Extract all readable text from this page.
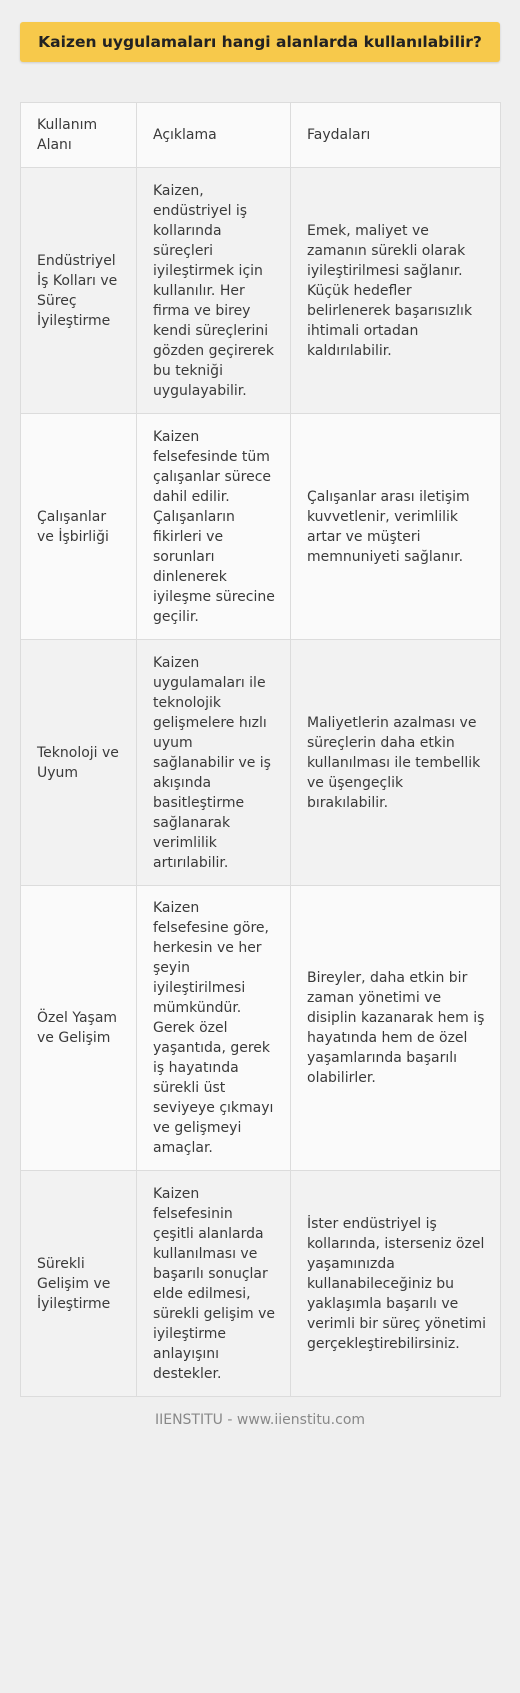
Kaizen uygulamaları hangi alanlarda kullanılabilir?
Kullanım Alanı	Açıklama	Faydaları
Endüstriyel İş Kolları ve Süreç İyileştirme	Kaizen, endüstriyel iş kollarında süreçleri iyileştirmek için kullanılır. Her firma ve birey kendi süreçlerini gözden geçirerek bu tekniği uygulayabilir.	Emek, maliyet ve zamanın sürekli olarak iyileştirilmesi sağlanır. Küçük hedefler belirlenerek başarısızlık ihtimali ortadan kaldırılabilir.
Çalışanlar ve İşbirliği	Kaizen felsefesinde tüm çalışanlar sürece dahil edilir. Çalışanların fikirleri ve sorunları dinlenerek iyileşme sürecine geçilir.	Çalışanlar arası iletişim kuvvetlenir, verimlilik artar ve müşteri memnuniyeti sağlanır.
Teknoloji ve Uyum	Kaizen uygulamaları ile teknolojik gelişmelere hızlı uyum sağlanabilir ve iş akışında basitleştirme sağlanarak verimlilik artırılabilir.	Maliyetlerin azalması ve süreçlerin daha etkin kullanılması ile tembellik ve üşengeçlik bırakılabilir.
Özel Yaşam ve Gelişim	Kaizen felsefesine göre, herkesin ve her şeyin iyileştirilmesi mümkündür. Gerek özel yaşantıda, gerek iş hayatında sürekli üst seviyeye çıkmayı ve gelişmeyi amaçlar.	Bireyler, daha etkin bir zaman yönetimi ve disiplin kazanarak hem iş hayatında hem de özel yaşamlarında başarılı olabilirler.
Sürekli Gelişim ve İyileştirme	Kaizen felsefesinin çeşitli alanlarda kullanılması ve başarılı sonuçlar elde edilmesi, sürekli gelişim ve iyileştirme anlayışını destekler.	İster endüstriyel iş kollarında, isterseniz özel yaşamınızda kullanabileceğiniz bu yaklaşımla başarılı ve verimli bir süreç yönetimi gerçekleştirebilirsiniz.
IIENSTITU - www.iienstitu.com
